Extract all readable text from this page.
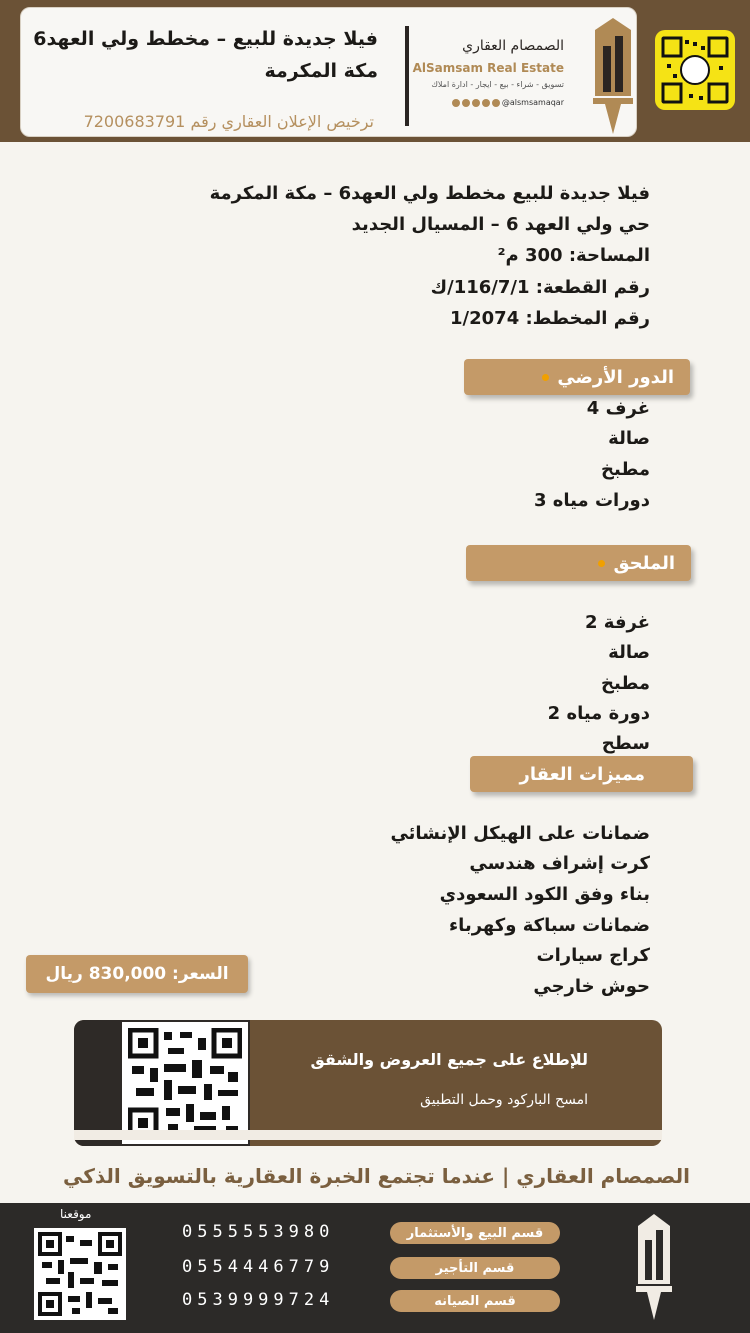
فيلا جديدة للبيع – مخطط ولي العهد6
مكة المكرمة
ترخيص الإعلان العقاري رقم 7200683791
الصمصام العقاري
AlSamsam Real Estate
تسويق - شراء - بيع - ايجار - ادارة املاك
@alsmsamaqar
فيلا جديدة للبيع مخطط ولي العهد6 – مكة المكرمة
حي ولي العهد 6 – المسيال الجديد
المساحة: 300 م²
رقم القطعة: 116/7/1/ك
رقم المخطط: 1/2074
الدور الأرضي
غرف 4
صالة
مطبخ
دورات مياه 3
الملحق
غرفة 2
صالة
مطبخ
دورة مياه 2
سطح
مميزات العقار
ضمانات على الهيكل الإنشائي
كرت إشراف هندسي
بناء وفق الكود السعودي
ضمانات سباكة وكهرباء
كراج سيارات
حوش خارجي
السعر: 830,000 ريال
للإطلاع على جميع العروض والشقق
امسح الباركود وحمل التطبيق
الصمصام العقاري | عندما تجتمع الخبرة العقارية بالتسويق الذكي
قسم البيع والأستثمار
0555553980
قسم التأجير
0554446779
قسم الصيانه
0539999724
موقعنا
